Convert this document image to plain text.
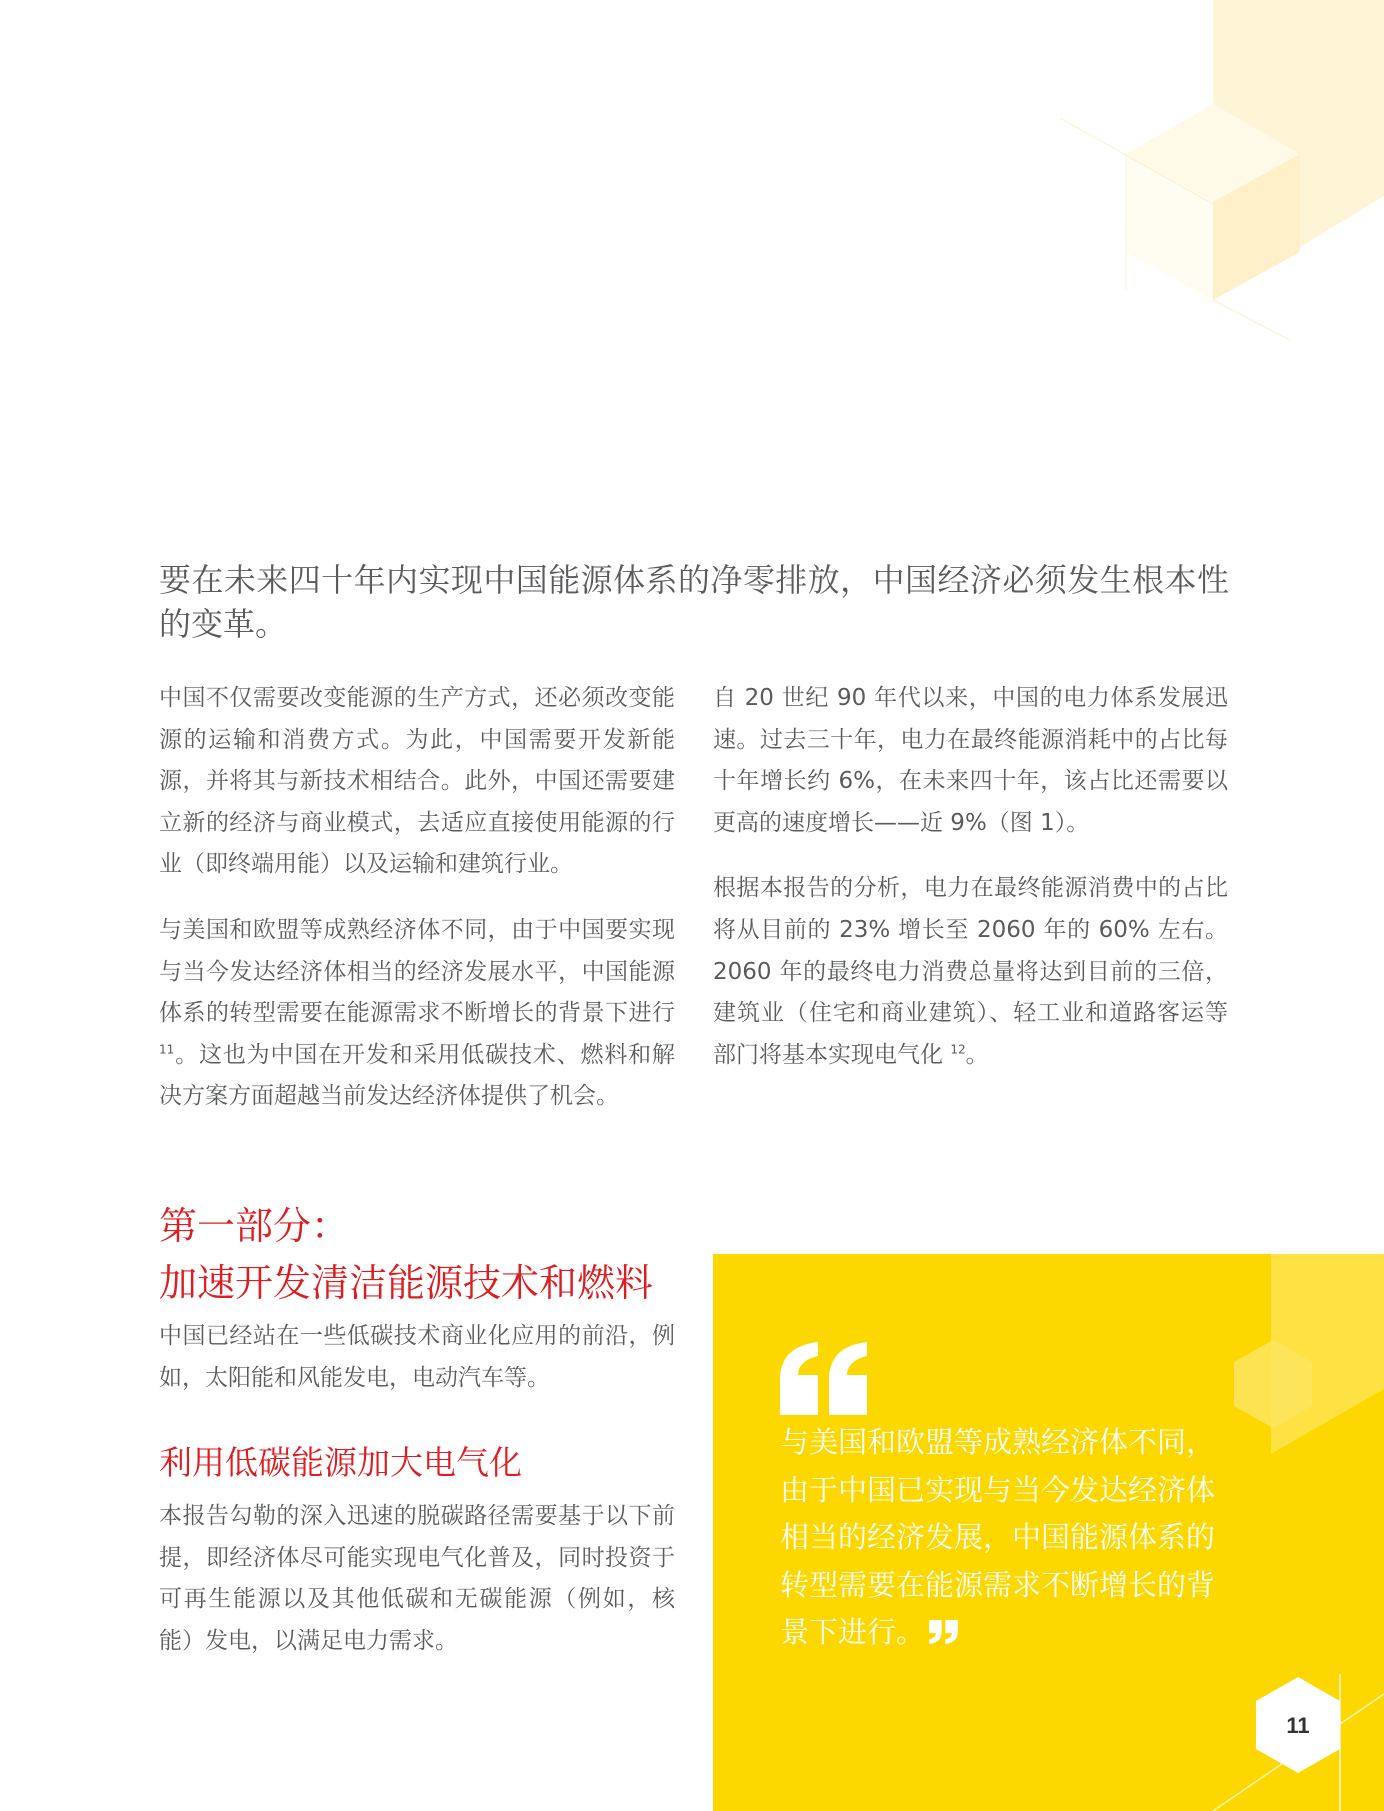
要在未来四十年内实现中国能源体系的净零排放，中国经济必须发生根本性的变革。

中国不仅需要改变能源的生产方式，还必须改变能源的运输和消费方式。为此，中国需要开发新能源，并将其与新技术相结合。此外，中国还需要建立新的经济与商业模式，去适应直接使用能源的行业（即终端用能）以及运输和建筑行业。

与美国和欧盟等成熟经济体不同，由于中国要实现与当今发达经济体相当的经济发展水平，中国能源体系的转型需要在能源需求不断增长的背景下进行 $^{11}$。这也为中国在开发和采用低碳技术、燃料和解决方案方面超越当前发达经济体提供了机会。

自 20 世纪 90 年代以来，中国的电力体系发展迅速。过去三十年，电力在最终能源消耗中的占比每十年增长约 6%，在未来四十年，该占比还需要以更高的速度增长——近 9%（图 1）。

根据本报告的分析，电力在最终能源消费中的占比将从目前的 23% 增长至 2060 年的 60% 左右。2060 年的最终电力消费总量将达到目前的三倍，建筑业（住宅和商业建筑）、轻工业和道路客运等部门将基本实现电气化 $^{12}$。

第一部分：
加速开发清洁能源技术和燃料

中国已经站在一些低碳技术商业化应用的前沿，例如，太阳能和风能发电，电动汽车等。

利用低碳能源加大电气化

本报告勾勒的深入迅速的脱碳路径需要基于以下前提，即经济体尽可能实现电气化普及，同时投资于可再生能源以及其他低碳和无碳能源（例如，核能）发电，以满足电力需求。

11

与美国和欧盟等成熟经济体不同，由于中国已实现与当今发达经济体相当的经济发展，中国能源体系的转型需要在能源需求不断增长的背景下进行。
